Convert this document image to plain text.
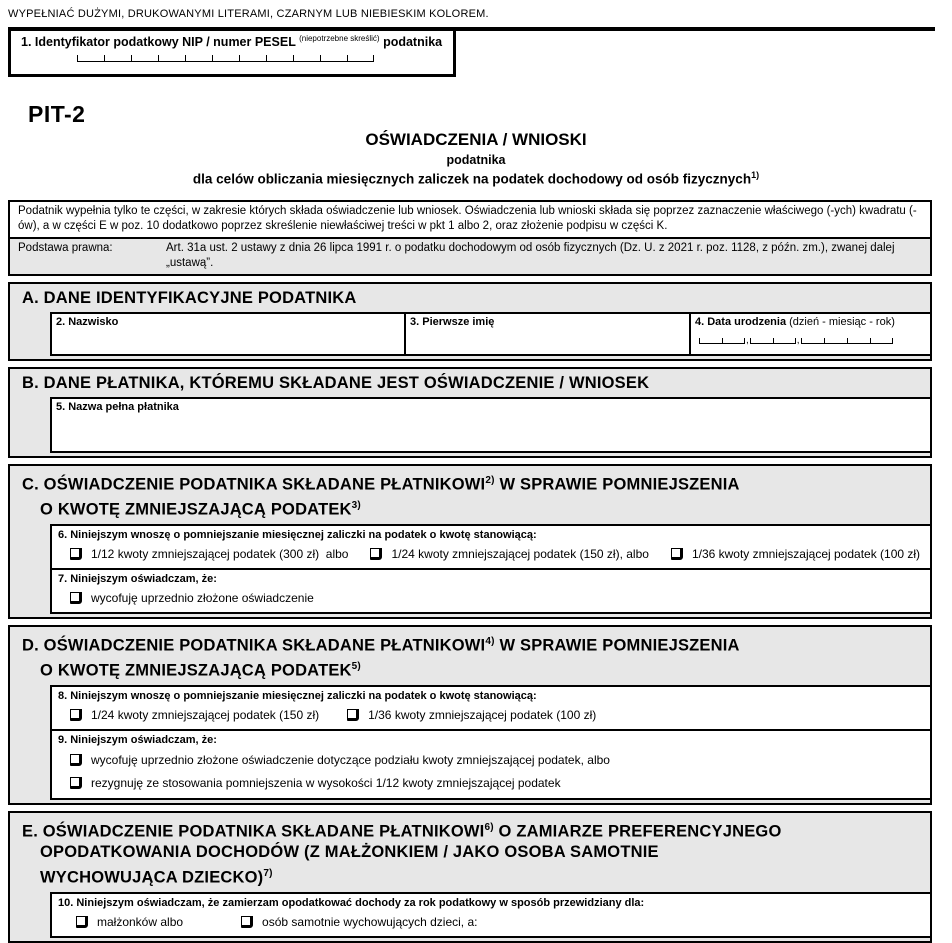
WYPEŁNIAĆ DUŻYMI, DRUKOWANYMI LITERAMI, CZARNYM LUB NIEBIESKIM KOLOREM.
1. Identyfikator podatkowy NIP / numer PESEL $^{(niepotrzebne skreślić)}$ podatnika
PIT-2
OŚWIADCZENIA / WNIOSKI
podatnika
dla celów obliczania miesięcznych zaliczek na podatek dochodowy od osób fizycznych$^{1)}$
Podatnik wypełnia tylko te części, w zakresie których składa oświadczenie lub wniosek. Oświadczenia lub wnioski składa się poprzez zaznaczenie właściwego (-ych) kwadratu (-ów), a w części E w poz. 10 dodatkowo poprzez skreślenie niewłaściwej treści w pkt 1 albo 2, oraz złożenie podpisu w części K.
Podstawa prawna:	Art. 31a ust. 2 ustawy z dnia 26 lipca 1991 r. o podatku dochodowym od osób fizycznych (Dz. U. z 2021 r. poz. 1128, z późn. zm.), zwanej dalej „ustawą”.
A. DANE IDENTYFIKACYJNE PODATNIKA
2. Nazwisko	3. Pierwsze imię	4. Data urodzenia (dzień - miesiąc - rok)
,	,
B. DANE PŁATNIKA, KTÓREMU SKŁADANE JEST OŚWIADCZENIE / WNIOSEK
5. Nazwa pełna płatnika
C. OŚWIADCZENIE PODATNIKA SKŁADANE PŁATNIKOWI$^{2)}$ W SPRAWIE POMNIEJSZENIA
O KWOTĘ ZMNIEJSZAJĄCĄ PODATEK$^{3)}$
6. Niniejszym wnoszę o pomniejszanie miesięcznej zaliczki na podatek o kwotę stanowiącą:
1/12 kwoty zmniejszającej podatek (300 zł)  albo	1/24 kwoty zmniejszającej podatek (150 zł), albo	1/36 kwoty zmniejszającej podatek (100 zł)
7. Niniejszym oświadczam, że:
wycofuję uprzednio złożone oświadczenie
D. OŚWIADCZENIE PODATNIKA SKŁADANE PŁATNIKOWI$^{4)}$ W SPRAWIE POMNIEJSZENIA
O KWOTĘ ZMNIEJSZAJĄCĄ PODATEK$^{5)}$
8. Niniejszym wnoszę o pomniejszanie miesięcznej zaliczki na podatek o kwotę stanowiącą:
1/24 kwoty zmniejszającej podatek (150 zł)	1/36 kwoty zmniejszającej podatek (100 zł)
9. Niniejszym oświadczam, że:
wycofuję uprzednio złożone oświadczenie dotyczące podziału kwoty zmniejszającej podatek, albo
rezygnuję ze stosowania pomniejszenia w wysokości 1/12 kwoty zmniejszającej podatek
E. OŚWIADCZENIE PODATNIKA SKŁADANE PŁATNIKOWI$^{6)}$ O ZAMIARZE PREFERENCYJNEGO
OPODATKOWANIA DOCHODÓW (Z MAŁŻONKIEM / JAKO OSOBA SAMOTNIE
WYCHOWUJĄCA DZIECKO)$^{7)}$
10. Niniejszym oświadczam, że zamierzam opodatkować dochody za rok podatkowy w sposób przewidziany dla:
małżonków albo	osób samotnie wychowujących dzieci, a:
